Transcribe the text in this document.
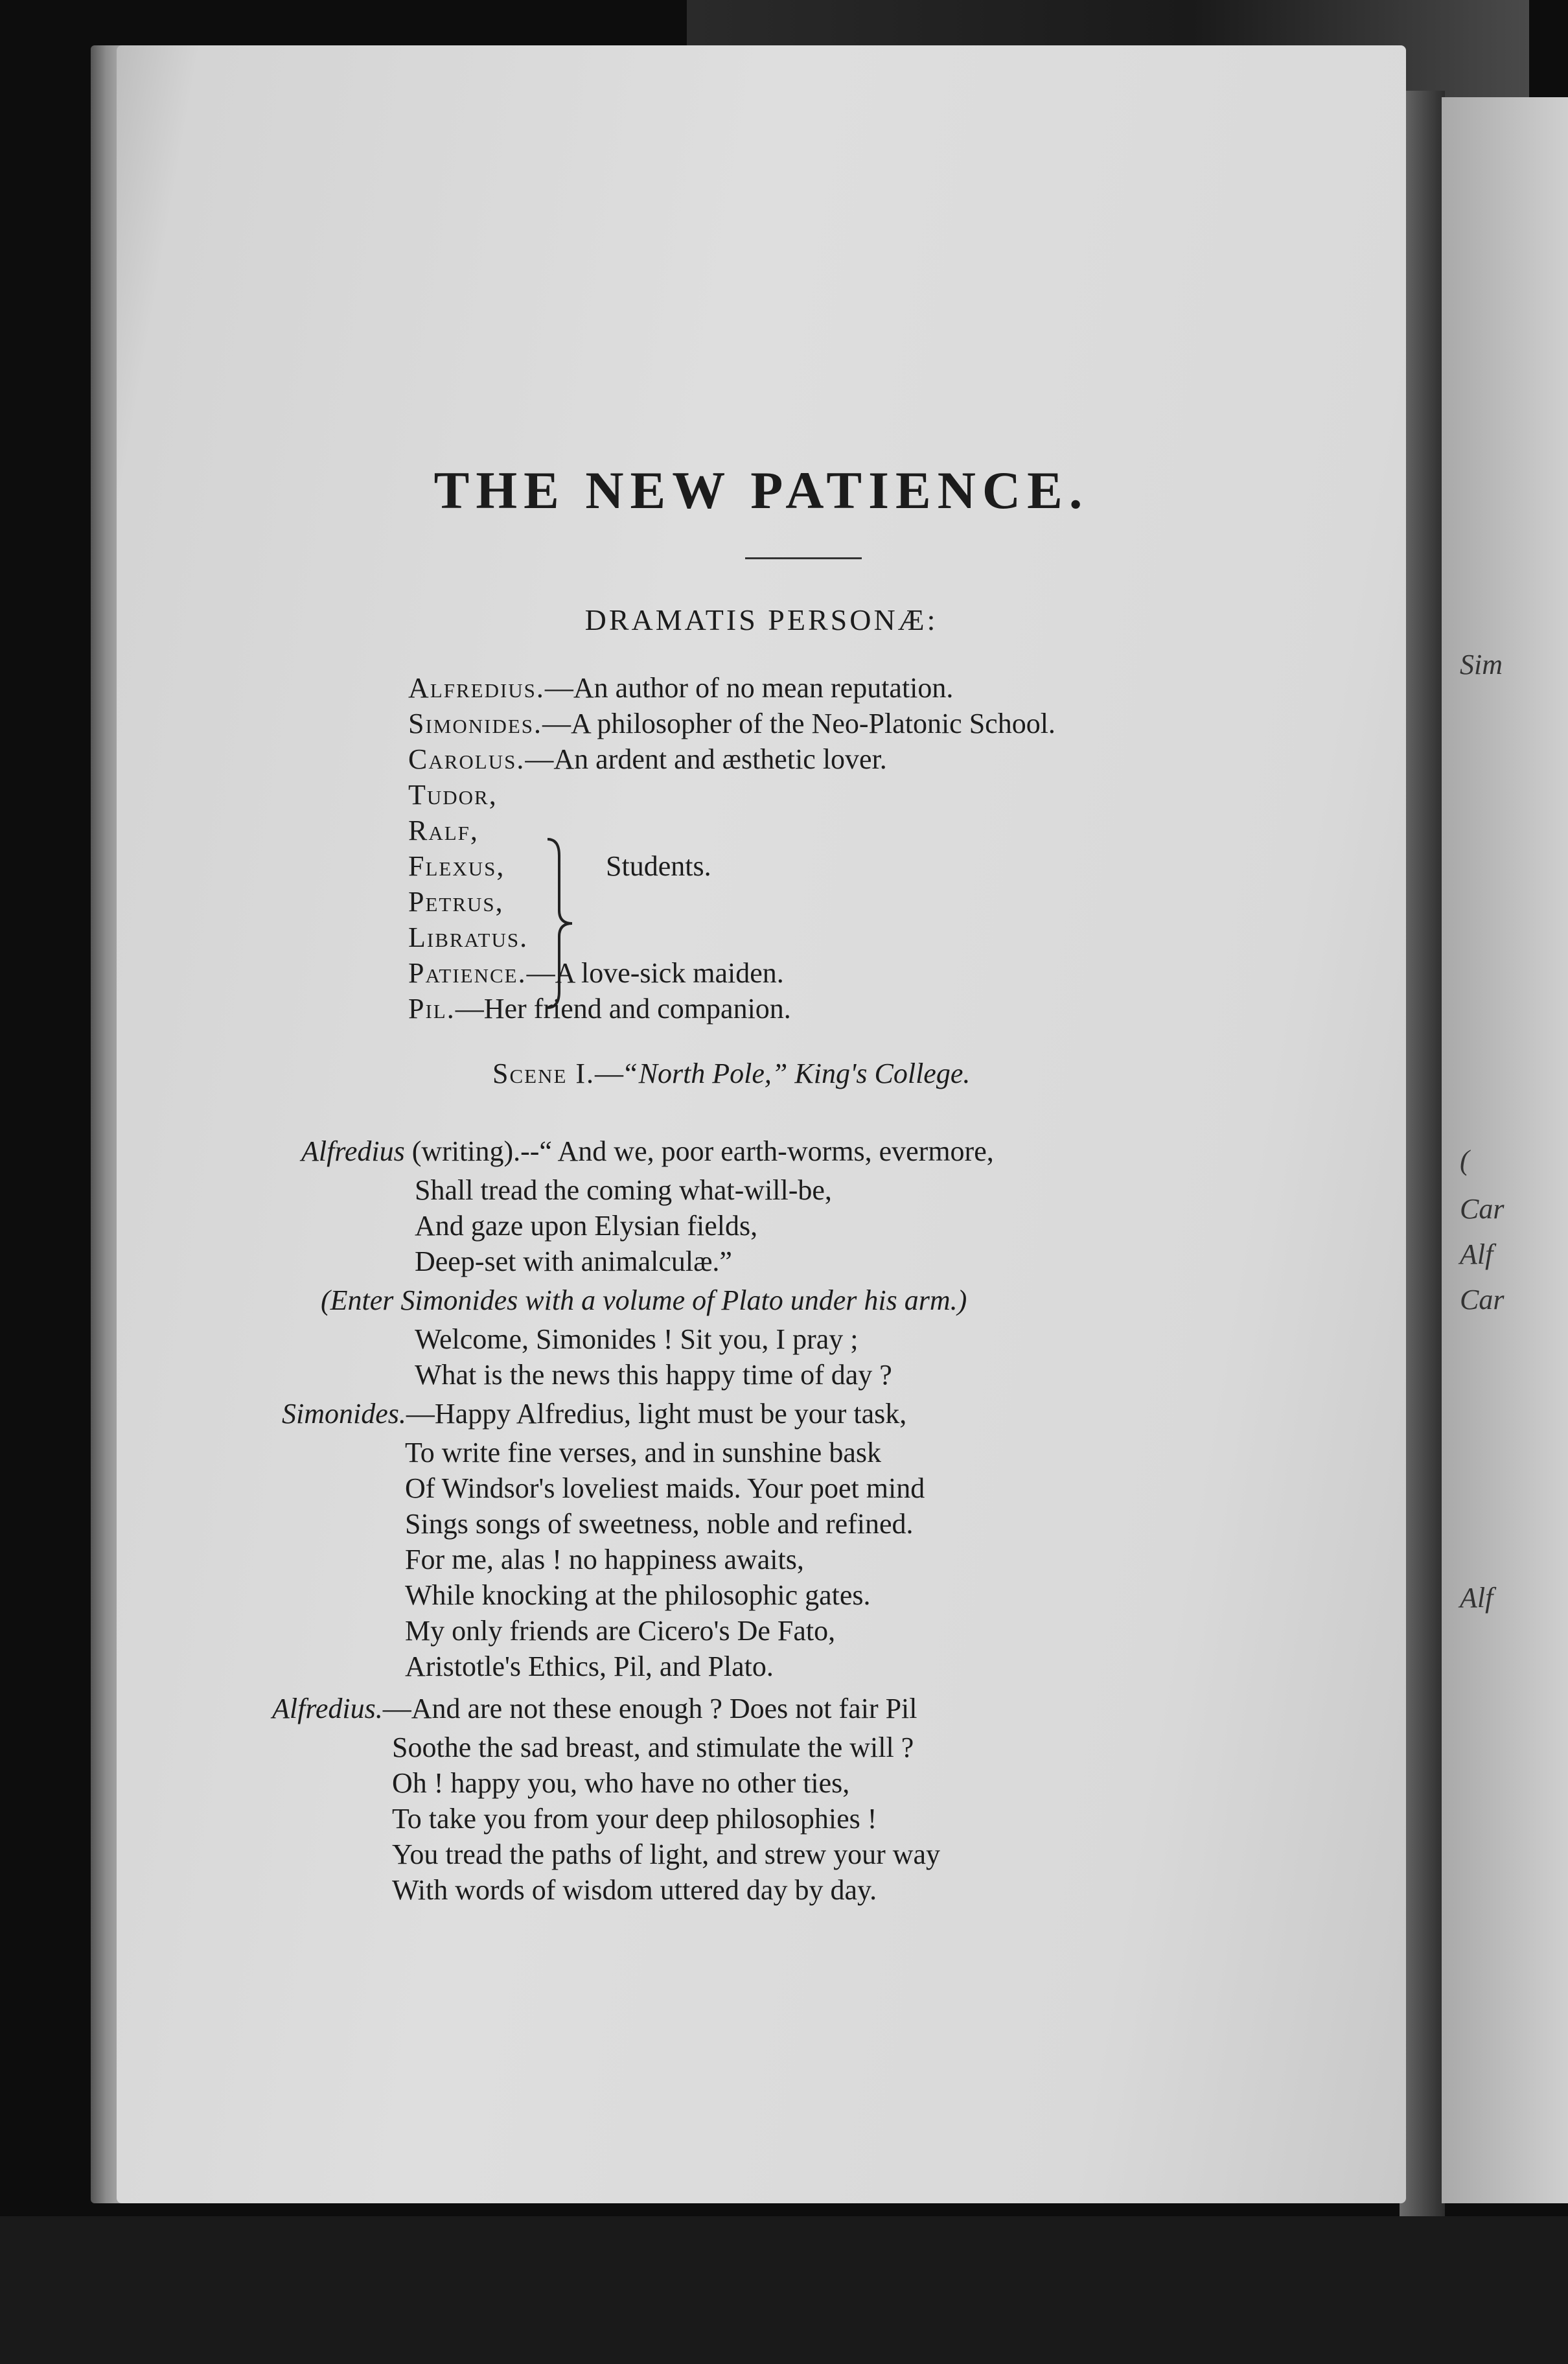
Sim
(
Car
Alf
Car
Alf
THE NEW PATIENCE.
DRAMATIS PERSONÆ:
Alfredius.—An author of no mean reputation.
Simonides.—A philosopher of the Neo-Platonic School.
Carolus.—An ardent and æsthetic lover.
Tudor,
Ralf,
Flexus,
Petrus,
Libratus.
Students.
Patience.—A love-sick maiden.
Pil.—Her friend and companion.
Scene I.—“North Pole,” King's College.
Alfredius (writing).--“ And we, poor earth-worms, evermore,
Shall tread the coming what-will-be,
And gaze upon Elysian fields,
Deep-set with animalculæ.”
(Enter Simonides with a volume of Plato under his arm.)
Welcome, Simonides ! Sit you, I pray ;
What is the news this happy time of day ?
Simonides.—Happy Alfredius, light must be your task,
To write fine verses, and in sunshine bask
Of Windsor's loveliest maids. Your poet mind
Sings songs of sweetness, noble and refined.
For me, alas ! no happiness awaits,
While knocking at the philosophic gates.
My only friends are Cicero's De Fato,
Aristotle's Ethics, Pil, and Plato.
Alfredius.—And are not these enough ? Does not fair Pil
Soothe the sad breast, and stimulate the will ?
Oh ! happy you, who have no other ties,
To take you from your deep philosophies !
You tread the paths of light, and strew your way
With words of wisdom uttered day by day.
